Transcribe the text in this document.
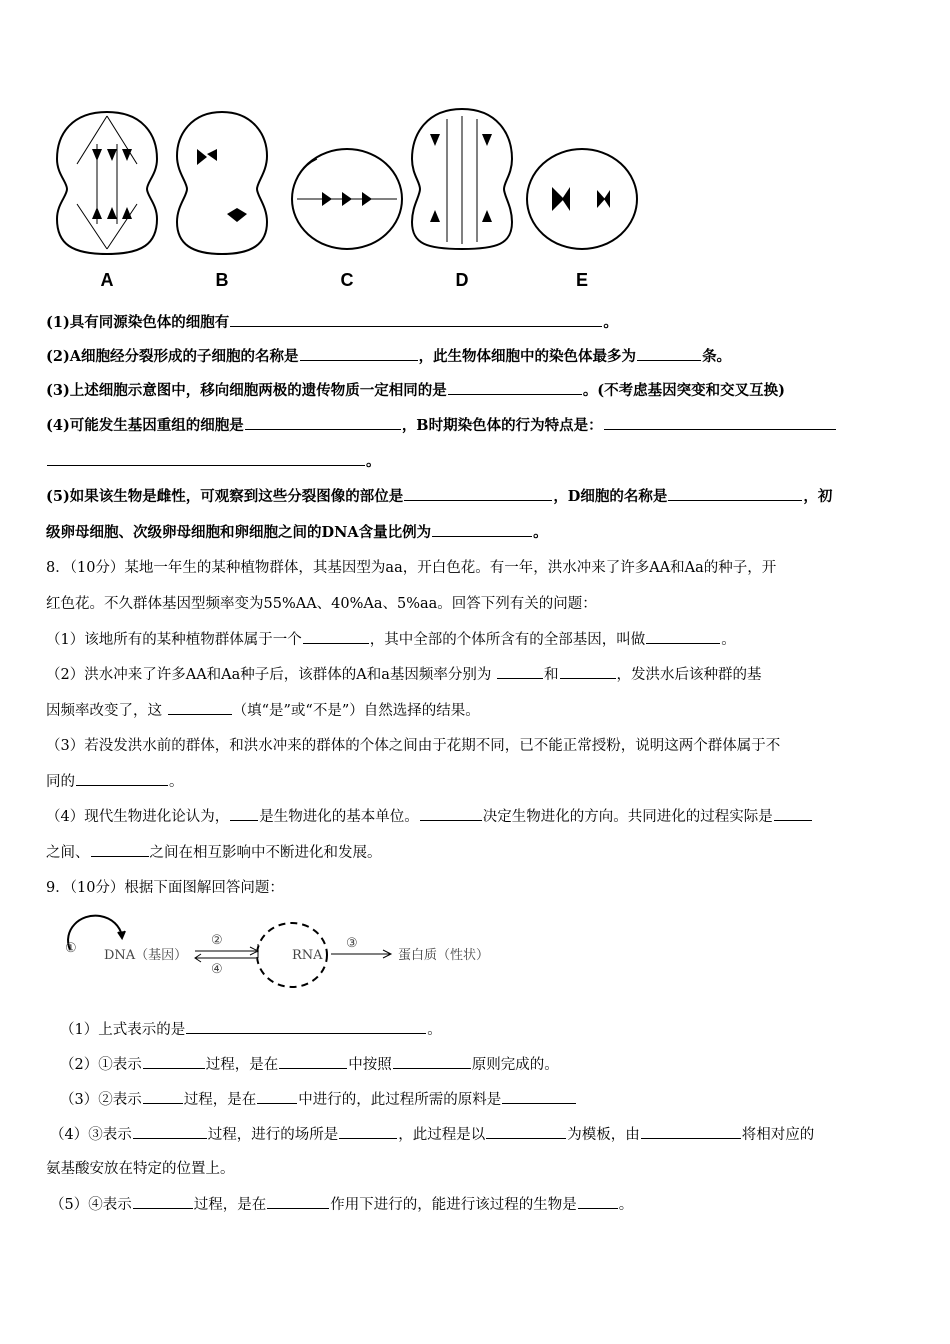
A	B	C	D	E
(1)具有同源染色体的细胞有	。
(2)A细胞经分裂形成的子细胞的名称是	，此生物体细胞中的染色体最多为	条。
(3)上述细胞示意图中，移向细胞两极的遗传物质一定相同的是	。(不考虑基因突变和交叉互换)
(4)可能发生基因重组的细胞是	，B时期染色体的行为特点是：
。
(5)如果该生物是雌性，可观察到这些分裂图像的部位是	，D细胞的名称是	，初
级卵母细胞、次级卵母细胞和卵细胞之间的DNA含量比例为	。
8．（10分）某地一年生的某种植物群体，其基因型为aa，开白色花。有一年，洪水冲来了许多AA和Aa的种子，开
红色花。不久群体基因型频率变为55%AA、40%Aa、5%aa。回答下列有关的问题：
（1）该地所有的某种植物群体属于一个	，其中全部的个体所含有的全部基因，叫做	。
（2）洪水冲来了许多AA和Aa种子后，该群体的A和a基因频率分别为	和	，发洪水后该种群的基
因频率改变了，这	（填“是”或“不是”）自然选择的结果。
（3）若没发洪水前的群体，和洪水冲来的群体的个体之间由于花期不同，已不能正常授粉，说明这两个群体属于不
同的	。
（4）现代生物进化论认为， 是生物进化的基本单位。	决定生物进化的方向。共同进化的过程实际是
之间、	之间在相互影响中不断进化和发展。
9．（10分）根据下面图解回答问题：
① DNA（基因）
②
④
RNA
③
蛋白质（性状）
（1）上式表示的是	。
（2）①表示	过程，是在	中按照	原则完成的。
（3）②表示	过程，是在	中进行的，此过程所需的原料是
（4）③表示	过程，进行的场所是	，此过程是以	为模板，由	将相对应的
氨基酸安放在特定的位置上。
（5）④表示	过程，是在	作用下进行的，能进行该过程的生物是	。
